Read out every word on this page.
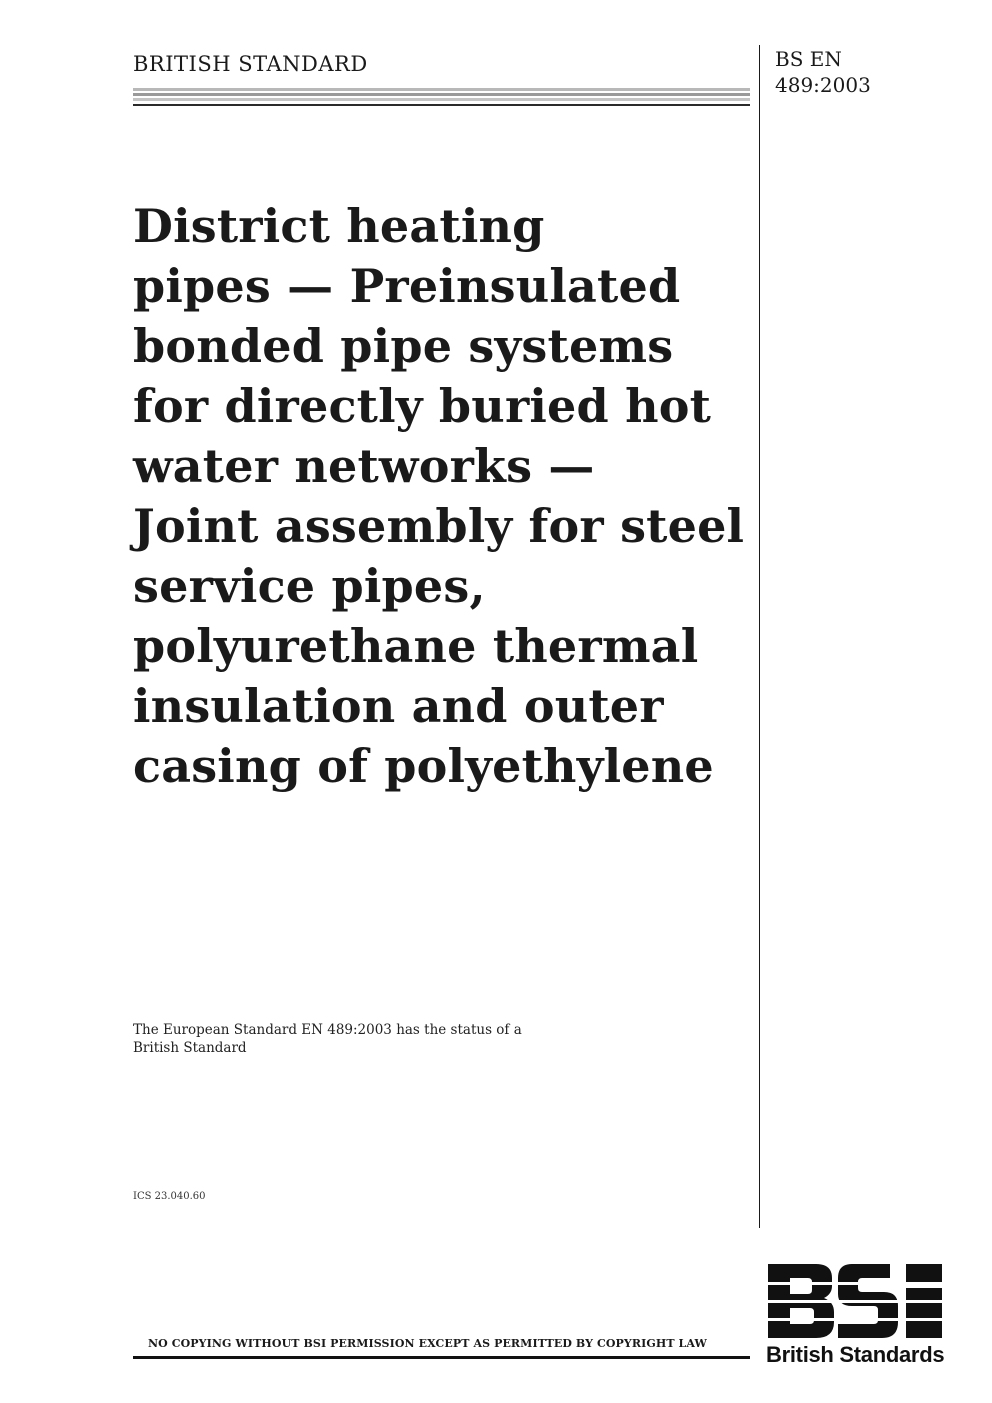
BRITISH STANDARD	BS EN
489:2003
District heating
pipes — Preinsulated
bonded pipe systems
for directly buried hot
water networks —
Joint assembly for steel
service pipes,
polyurethane thermal
insulation and outer
casing of polyethylene
The European Standard EN 489:2003 has the status of a
British Standard
ICS 23.040.60
NO COPYING WITHOUT BSI PERMISSION EXCEPT AS PERMITTED BY COPYRIGHT LAW	British Standards
